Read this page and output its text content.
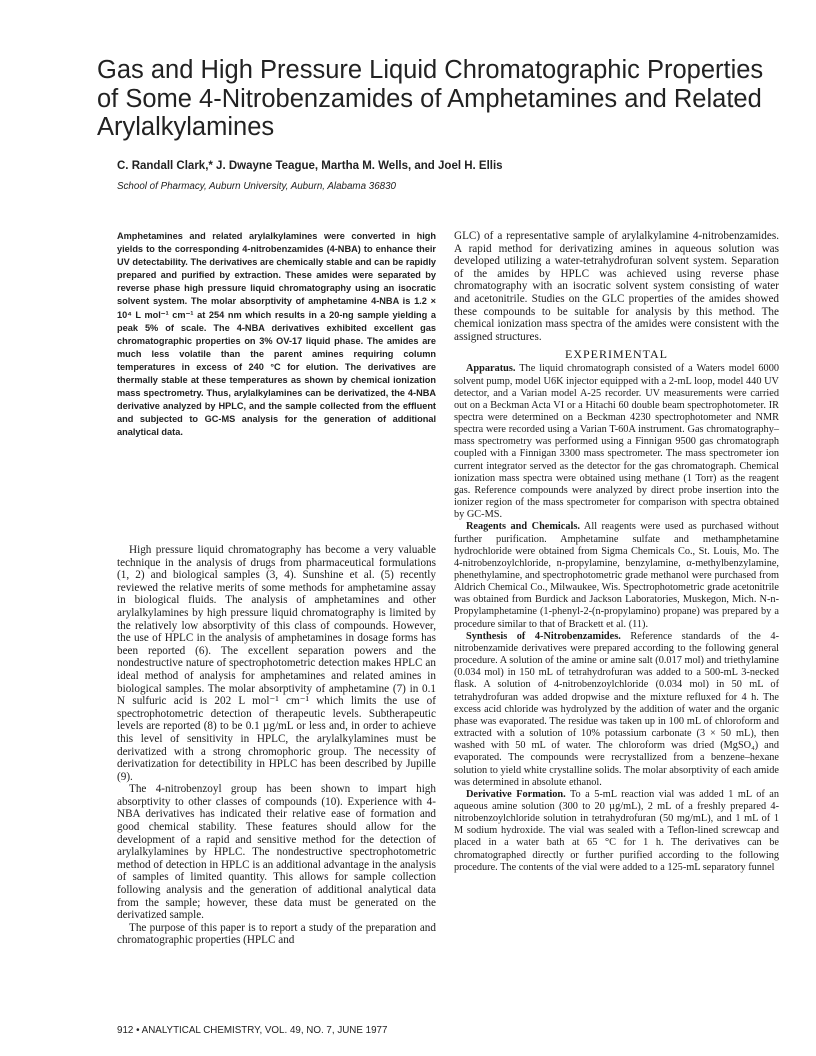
Gas and High Pressure Liquid Chromatographic Properties of Some 4-Nitrobenzamides of Amphetamines and Related Arylalkylamines
C. Randall Clark,* J. Dwayne Teague, Martha M. Wells, and Joel H. Ellis
School of Pharmacy, Auburn University, Auburn, Alabama 36830

Amphetamines and related arylalkylamines were converted in high yields to the corresponding 4-nitrobenzamides (4-NBA) to enhance their UV detectability. The derivatives are chemically stable and can be rapidly prepared and purified by extraction. These amides were separated by reverse phase high pressure liquid chromatography using an isocratic solvent system. The molar absorptivity of amphetamine 4-NBA is 1.2 × 10⁴ L mol⁻¹ cm⁻¹ at 254 nm which results in a 20-ng sample yielding a peak 5% of scale. The 4-NBA derivatives exhibited excellent gas chromatographic properties on 3% OV-17 liquid phase. The amides are much less volatile than the parent amines requiring column temperatures in excess of 240 °C for elution. The derivatives are thermally stable at these temperatures as shown by chemical ionization mass spectrometry. Thus, arylalkylamines can be derivatized, the 4-NBA derivative analyzed by HPLC, and the sample collected from the effluent and subjected to GC-MS analysis for the generation of additional analytical data.

High pressure liquid chromatography has become a very valuable technique in the analysis of drugs from pharmaceutical formulations (1, 2) and biological samples (3, 4). Sunshine et al. (5) recently reviewed the relative merits of some methods for amphetamine assay in biological fluids. The analysis of amphetamines and other arylalkylamines by high pressure liquid chromatography is limited by the relatively low absorptivity of this class of compounds. However, the use of HPLC in the analysis of amphetamines in dosage forms has been reported (6). The excellent separation powers and the nondestructive nature of spectrophotometric detection makes HPLC an ideal method of analysis for amphetamines and related amines in biological samples. The molar absorptivity of amphetamine (7) in 0.1 N sulfuric acid is 202 L mol⁻¹ cm⁻¹ which limits the use of spectrophotometric detection of therapeutic levels. Subtherapeutic levels are reported (8) to be 0.1 µg/mL or less and, in order to achieve this level of sensitivity in HPLC, the arylalkylamines must be derivatized with a strong chromophoric group. The necessity of derivatization for detectibility in HPLC has been described by Jupille (9).

The 4-nitrobenzoyl group has been shown to impart high absorptivity to other classes of compounds (10). Experience with 4-NBA derivatives has indicated their relative ease of formation and good chemical stability. These features should allow for the development of a rapid and sensitive method for the detection of arylalkylamines by HPLC. The nondestructive spectrophotometric method of detection in HPLC is an additional advantage in the analysis of samples of limited quantity. This allows for sample collection following analysis and the generation of additional analytical data from the sample; however, these data must be generated on the derivatized sample.

The purpose of this paper is to report a study of the preparation and chromatographic properties (HPLC and

GLC) of a representative sample of arylalkylamine 4-nitrobenzamides. A rapid method for derivatizing amines in aqueous solution was developed utilizing a water-tetrahydrofuran solvent system. Separation of the amides by HPLC was achieved using reverse phase chromatography with an isocratic solvent system consisting of water and acetonitrile. Studies on the GLC properties of the amides showed these compounds to be suitable for analysis by this method. The chemical ionization mass spectra of the amides were consistent with the assigned structures.

EXPERIMENTAL

Apparatus. The liquid chromatograph consisted of a Waters model 6000 solvent pump, model U6K injector equipped with a 2-mL loop, model 440 UV detector, and a Varian model A-25 recorder. UV measurements were carried out on a Beckman Acta VI or a Hitachi 60 double beam spectrophotometer. IR spectra were determined on a Beckman 4230 spectrophotometer and NMR spectra were recorded using a Varian T-60A instrument. Gas chromatography–mass spectrometry was performed using a Finnigan 9500 gas chromatograph coupled with a Finnigan 3300 mass spectrometer. The mass spectrometer ion current integrator served as the detector for the gas chromatograph. Chemical ionization mass spectra were obtained using methane (1 Torr) as the reagent gas. Reference compounds were analyzed by direct probe insertion into the ionizer region of the mass spectrometer for comparison with spectra obtained by GC-MS.

Reagents and Chemicals. All reagents were used as purchased without further purification. Amphetamine sulfate and methamphetamine hydrochloride were obtained from Sigma Chemicals Co., St. Louis, Mo. The 4-nitrobenzoylchloride, n-propylamine, benzylamine, α-methylbenzylamine, phenethylamine, and spectrophotometric grade methanol were purchased from Aldrich Chemical Co., Milwaukee, Wis. Spectrophotometric grade acetonitrile was obtained from Burdick and Jackson Laboratories, Muskegon, Mich. N-n-Propylamphetamine (1-phenyl-2-(n-propylamino) propane) was prepared by a procedure similar to that of Brackett et al. (11).

Synthesis of 4-Nitrobenzamides. Reference standards of the 4-nitrobenzamide derivatives were prepared according to the following general procedure. A solution of the amine or amine salt (0.017 mol) and triethylamine (0.034 mol) in 150 mL of tetrahydrofuran was added to a 500-mL 3-necked flask. A solution of 4-nitrobenzoylchloride (0.034 mol) in 50 mL of tetrahydrofuran was added dropwise and the mixture refluxed for 4 h. The excess acid chloride was hydrolyzed by the addition of water and the organic phase was evaporated. The residue was taken up in 100 mL of chloroform and extracted with a solution of 10% potassium carbonate (3 × 50 mL), then washed with 50 mL of water. The chloroform was dried (MgSO₄) and evaporated. The compounds were recrystallized from a benzene–hexane solution to yield white crystalline solids. The molar absorptivity of each amide was determined in absolute ethanol.

Derivative Formation. To a 5-mL reaction vial was added 1 mL of an aqueous amine solution (300 to 20 µg/mL), 2 mL of a freshly prepared 4-nitrobenzoylchloride solution in tetrahydrofuran (50 mg/mL), and 1 mL of 1 M sodium hydroxide. The vial was sealed with a Teflon-lined screwcap and placed in a water bath at 65 °C for 1 h. The derivatives can be chromatographed directly or further purified according to the following procedure. The contents of the vial were added to a 125-mL separatory funnel

912 • ANALYTICAL CHEMISTRY, VOL. 49, NO. 7, JUNE 1977
